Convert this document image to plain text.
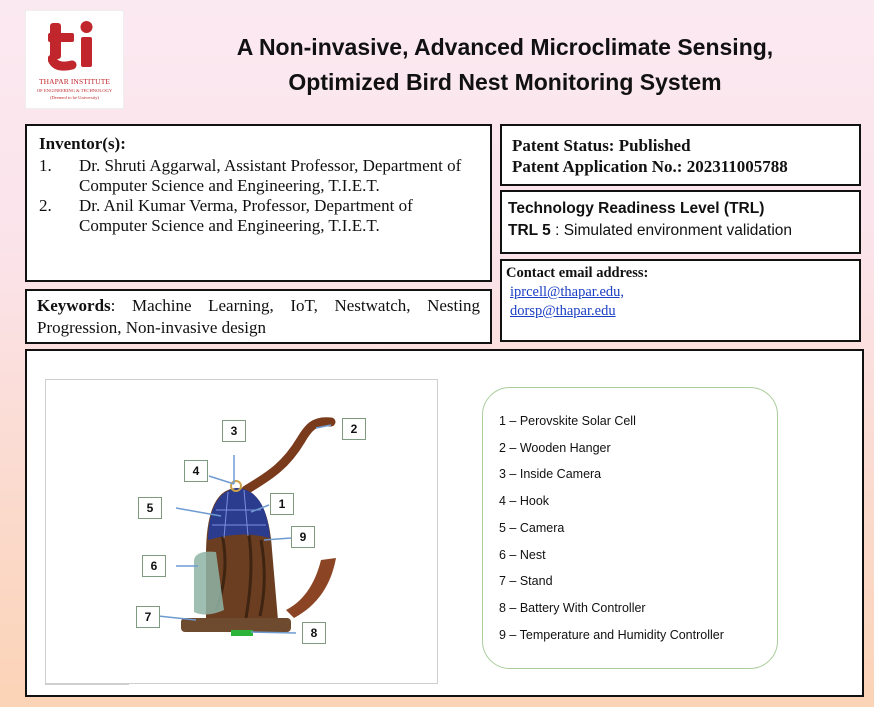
THAPAR INSTITUTE
OF ENGINEERING & TECHNOLOGY
(Deemed to be University)
A Non-invasive, Advanced Microclimate Sensing,
Optimized Bird Nest Monitoring System
Inventor(s):
1.	Dr. Shruti Aggarwal, Assistant Professor, Department of Computer Science and Engineering, T.I.E.T.
2.	Dr. Anil Kumar Verma, Professor, Department of Computer Science and Engineering, T.I.E.T.
Keywords: Machine Learning, IoT, Nestwatch, Nesting Progression, Non-invasive design
Patent Status: Published
Patent Application No.: 202311005788
Technology Readiness Level (TRL)
TRL 5 : Simulated environment validation
Contact email address:
iprcell@thapar.edu,
dorsp@thapar.edu
3	2
4
5	1
9
6
7
8
1 – Perovskite Solar Cell
2 – Wooden Hanger
3 – Inside Camera
4 – Hook
5 – Camera
6 – Nest
7 – Stand
8 – Battery With Controller
9 – Temperature and Humidity Controller
